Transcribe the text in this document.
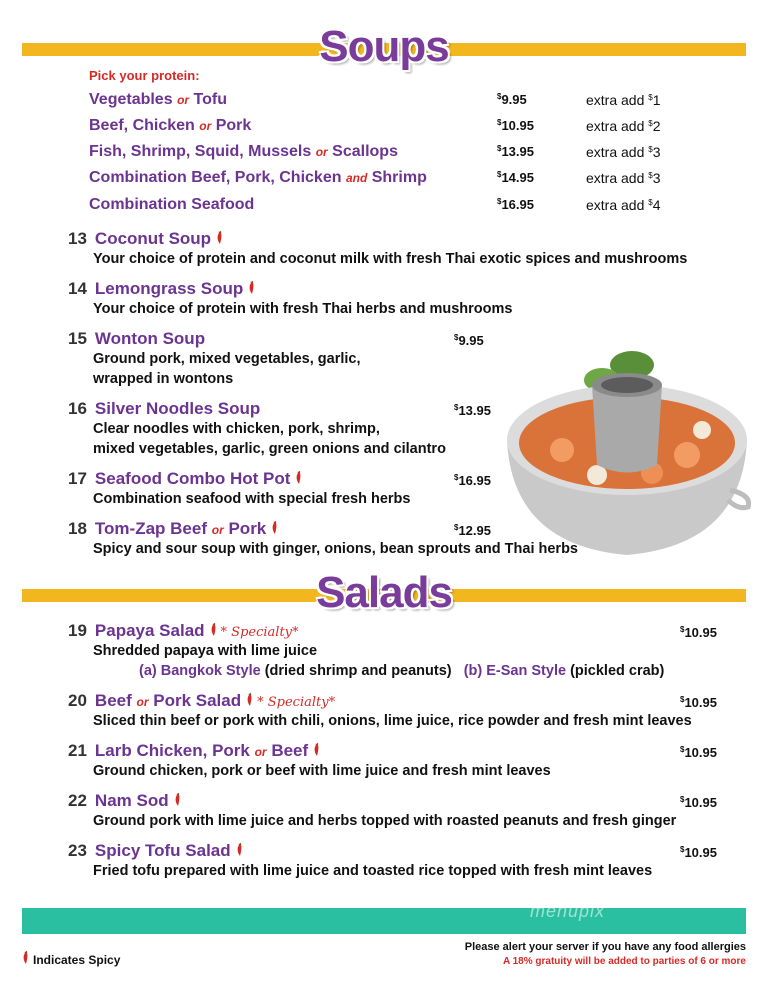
Soups
Pick your protein:
Vegetables or Tofu	$9.95	extra add $1
Beef, Chicken or Pork	$10.95	extra add $2
Fish, Shrimp, Squid, Mussels or Scallops	$13.95	extra add $3
Combination Beef, Pork, Chicken and Shrimp	$14.95	extra add $3
Combination Seafood	$16.95	extra add $4
13 Coconut Soup
Your choice of protein and coconut milk with fresh Thai exotic spices and mushrooms
14 Lemongrass Soup
Your choice of protein with fresh Thai herbs and mushrooms
15 Wonton Soup
Ground pork, mixed vegetables, garlic,
wrapped in wontons
$9.95
16 Silver Noodles Soup
Clear noodles with chicken, pork, shrimp,
mixed vegetables, garlic, green onions and cilantro
$13.95
17 Seafood Combo Hot Pot
Combination seafood with special fresh herbs
$16.95
18 Tom-Zap Beef or Pork
Spicy and sour soup with ginger, onions, bean sprouts and Thai herbs
$12.95
Salads
19 Papaya Salad * Specialty*
Shredded papaya with lime juice
(a) Bangkok Style (dried shrimp and peanuts) (b) E-San Style (pickled crab)
$10.95
20 Beef or Pork Salad * Specialty*
Sliced thin beef or pork with chili, onions, lime juice, rice powder and fresh mint leaves
$10.95
21 Larb Chicken, Pork or Beef
Ground chicken, pork or beef with lime juice and fresh mint leaves
$10.95
22 Nam Sod
Ground pork with lime juice and herbs topped with roasted peanuts and fresh ginger
$10.95
23 Spicy Tofu Salad
Fried tofu prepared with lime juice and toasted rice topped with fresh mint leaves
$10.95
menupix
Indicates Spicy
Please alert your server if you have any food allergies
A 18% gratuity will be added to parties of 6 or more
